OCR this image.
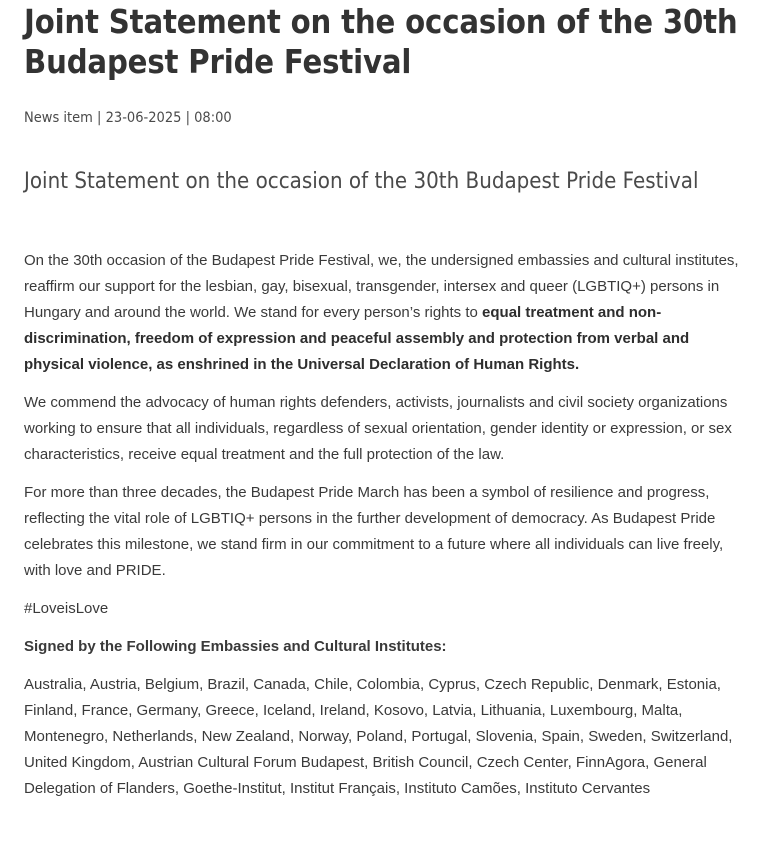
Joint Statement on the occasion of the 30th Budapest Pride Festival
News item | 23-06-2025 | 08:00
Joint Statement on the occasion of the 30th Budapest Pride Festival

On the 30th occasion of the Budapest Pride Festival, we, the undersigned embassies and cultural institutes, reaffirm our support for the lesbian, gay, bisexual, transgender, intersex and queer (LGBTIQ+) persons in Hungary and around the world. We stand for every person’s rights to equal treatment and non-discrimination, freedom of expression and peaceful assembly and protection from verbal and physical violence, as enshrined in the Universal Declaration of Human Rights.

We commend the advocacy of human rights defenders, activists, journalists and civil society organizations working to ensure that all individuals, regardless of sexual orientation, gender identity or expression, or sex characteristics, receive equal treatment and the full protection of the law.

For more than three decades, the Budapest Pride March has been a symbol of resilience and progress, reflecting the vital role of LGBTIQ+ persons in the further development of democracy. As Budapest Pride celebrates this milestone, we stand firm in our commitment to a future where all individuals can live freely, with love and PRIDE.

#LoveisLove

Signed by the Following Embassies and Cultural Institutes:

Australia, Austria, Belgium, Brazil, Canada, Chile, Colombia, Cyprus, Czech Republic, Denmark, Estonia, Finland, France, Germany, Greece, Iceland, Ireland, Kosovo, Latvia, Lithuania, Luxembourg, Malta, Montenegro, Netherlands, New Zealand, Norway, Poland, Portugal, Slovenia, Spain, Sweden, Switzerland, United Kingdom, Austrian Cultural Forum Budapest, British Council, Czech Center, FinnAgora, General Delegation of Flanders, Goethe-Institut, Institut Français, Instituto Camões, Instituto Cervantes
